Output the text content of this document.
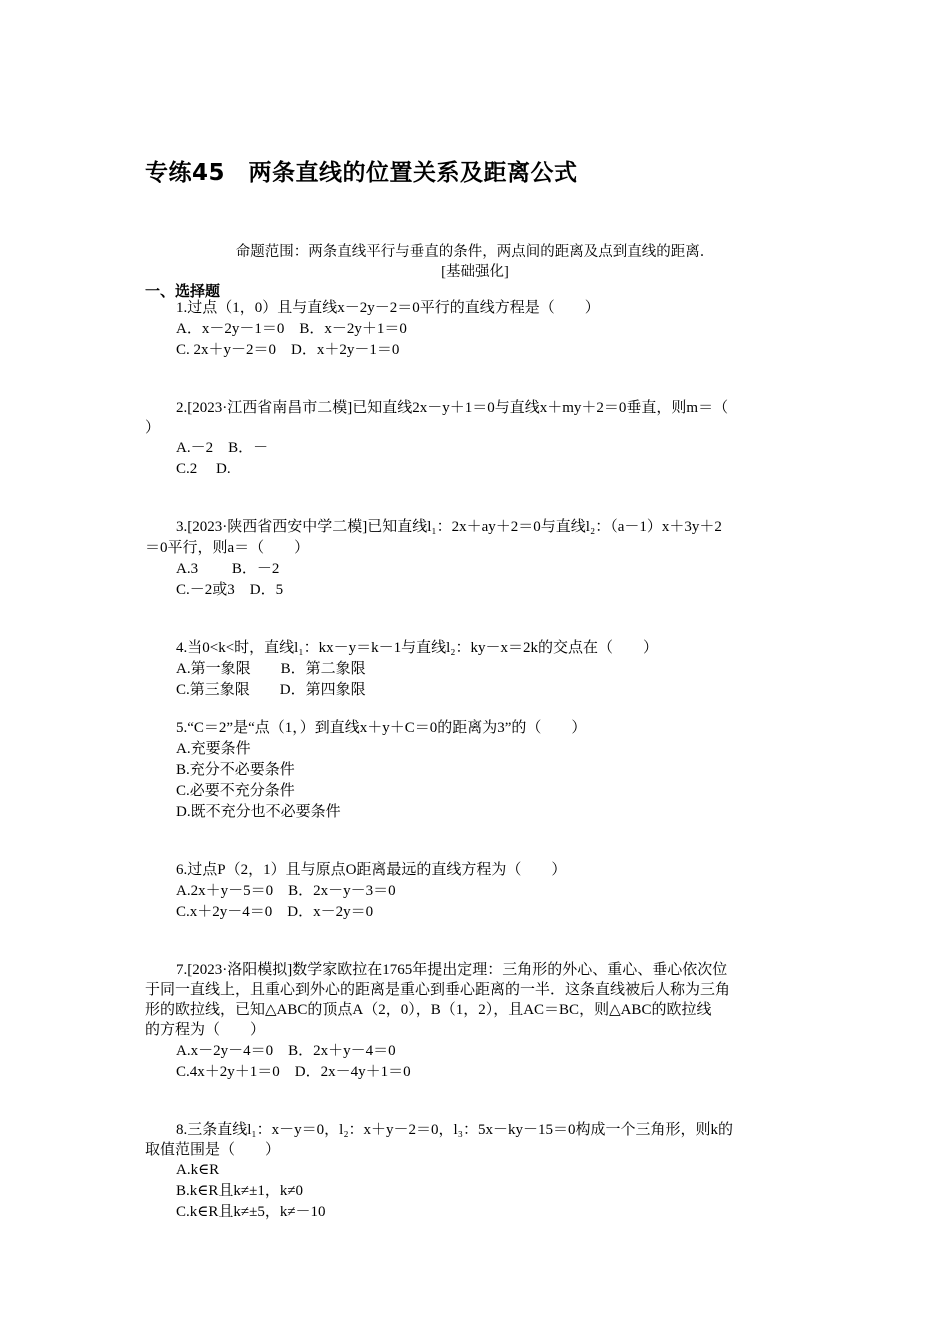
专练45　两条直线的位置关系及距离公式
命题范围：两条直线平行与垂直的条件，两点间的距离及点到直线的距离．
[基础强化]
一、选择题
1.过点（1，0）且与直线x－2y－2＝0平行的直线方程是（　　）
A．x－2y－1＝0　B．x－2y＋1＝0
C. 2x＋y－2＝0　D．x＋2y－1＝0
2.[2023·江西省南昌市二模]已知直线2x－y＋1＝0与直线x＋my＋2＝0垂直，则m＝（
）
A.－2　B．－
C.2　 D.
3.[2023·陕西省西安中学二模]已知直线l₁：2x＋ay＋2＝0与直线l₂：（a－1）x＋3y＋2
＝0平行，则a＝（　　）
A.3　　 B．－2
C.－2或3　D．5
4.当0<k<时，直线l₁：kx－y＝k－1与直线l₂：ky－x＝2k的交点在（　　）
A.第一象限　　B．第二象限
C.第三象限　　D．第四象限
5.“C＝2”是“点（1，）到直线x＋y＋C＝0的距离为3”的（　　）
A.充要条件
B.充分不必要条件
C.必要不充分条件
D.既不充分也不必要条件
6.过点P（2，1）且与原点O距离最远的直线方程为（　　）
A.2x＋y－5＝0　B．2x－y－3＝0
C.x＋2y－4＝0　D．x－2y＝0
7.[2023·洛阳模拟]数学家欧拉在1765年提出定理：三角形的外心、重心、垂心依次位
于同一直线上，且重心到外心的距离是重心到垂心距离的一半．这条直线被后人称为三角
形的欧拉线，已知△ABC的顶点A（2，0），B（1，2），且AC＝BC，则△ABC的欧拉线
的方程为（　　）
A.x－2y－4＝0　B．2x＋y－4＝0
C.4x＋2y＋1＝0　D．2x－4y＋1＝0
8.三条直线l₁：x－y＝0，l₂：x＋y－2＝0，l₃：5x－ky－15＝0构成一个三角形，则k的
取值范围是（　　）
A.k∈R
B.k∈R且k≠±1，k≠0
C.k∈R且k≠±5，k≠－10
